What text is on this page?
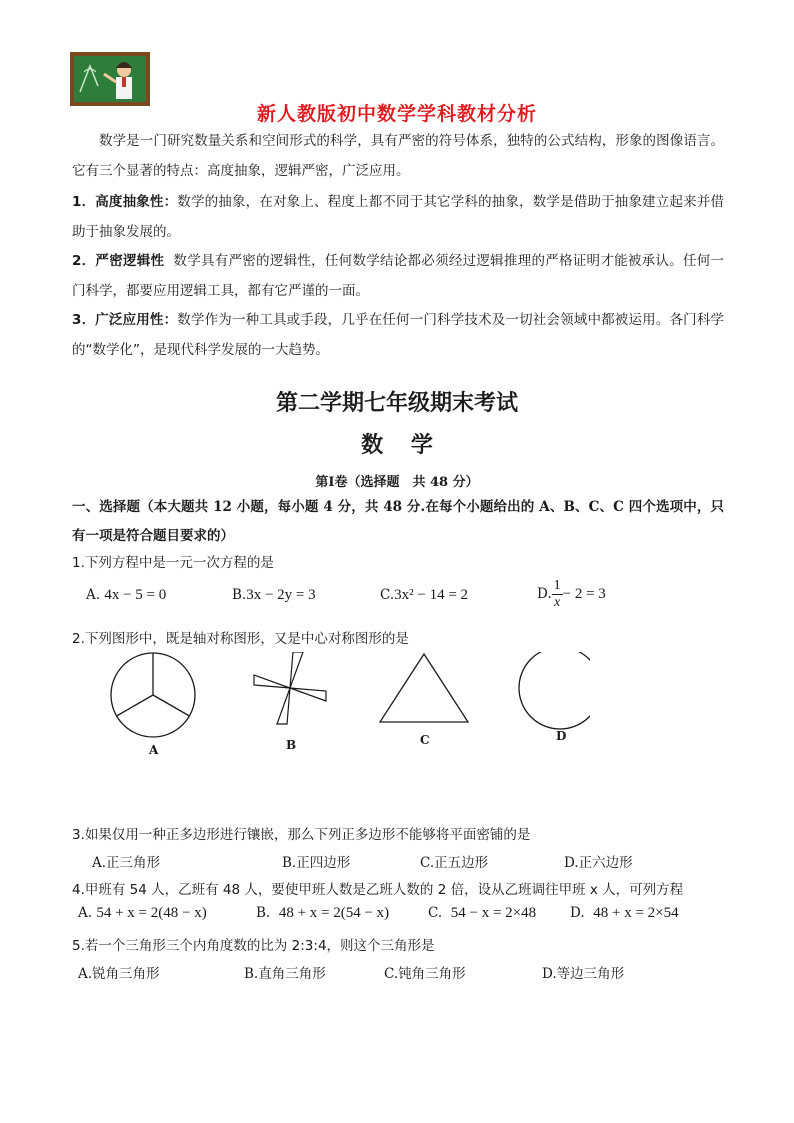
新人教版初中数学学科教材分析
数学是一门研究数量关系和空间形式的科学，具有严密的符号体系，独特的公式结构，形象的图像语言。它有三个显著的特点：高度抽象，逻辑严密，广泛应用。
1．高度抽象性：数学的抽象，在对象上、程度上都不同于其它学科的抽象，数学是借助于抽象建立起来并借助于抽象发展的。
2．严密逻辑性 数学具有严密的逻辑性，任何数学结论都必须经过逻辑推理的严格证明才能被承认。任何一门科学，都要应用逻辑工具，都有它严谨的一面。
3．广泛应用性：数学作为一种工具或手段，几乎在任何一门科学技术及一切社会领域中都被运用。各门科学的“数学化”，是现代科学发展的一大趋势。
第二学期七年级期末考试
数 学
第Ⅰ卷（选择题　共 48 分）
一、选择题（本大题共 12 小题，每小题 4 分，共 48 分.在每个小题给出的 A、B、C、C 四个选项中，只有一项是符合题目要求的）
1.下列方程中是一元一次方程的是
A. 4x − 5 = 0	B.3x − 2y = 3	C.3x² − 14 = 2	D. $\frac{1}{x} - 2 = 3$
2.下列图形中，既是轴对称图形，又是中心对称图形的是
A	B	C	D
3.如果仅用一种正多边形进行镶嵌，那么下列正多边形不能够将平面密铺的是
A.正三角形	B.正四边形	C.正五边形	D.正六边形
4.甲班有 54 人，乙班有 48 人，要使甲班人数是乙班人数的 2 倍，设从乙班调往甲班 x 人，可列方程
A. 54 + x = 2(48 − x)	B. 48 + x = 2(54 − x)	C. 54 − x = 2×48	D. 48 + x = 2×54
5.若一个三角形三个内角度数的比为 2:3:4，则这个三角形是
A.锐角三角形	B.直角三角形	C.钝角三角形	D.等边三角形
